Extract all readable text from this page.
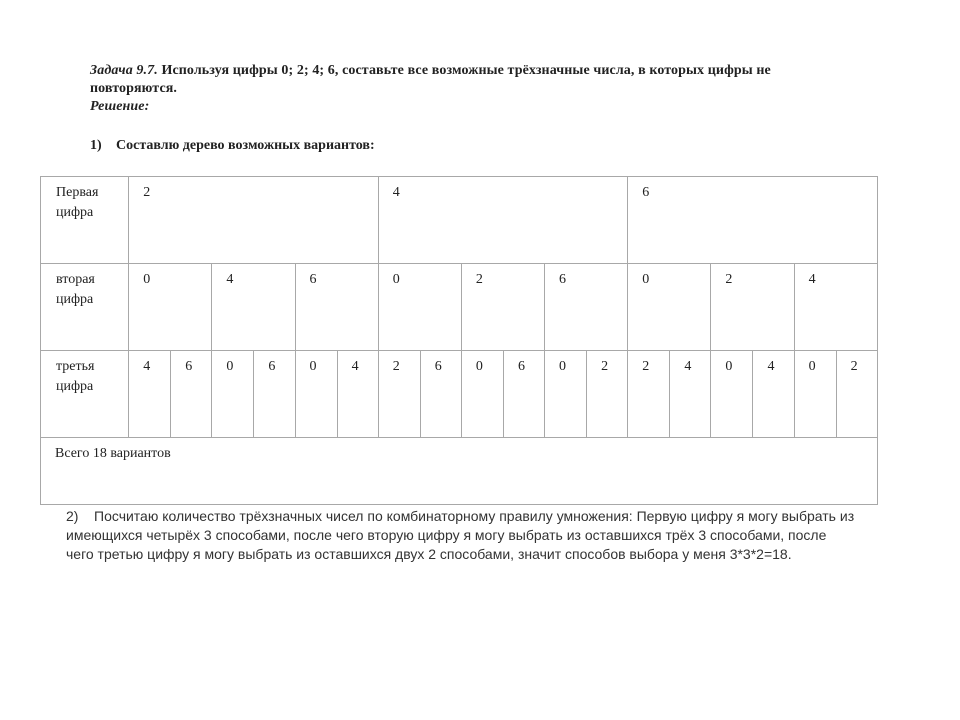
Задача 9.7. Используя цифры 0; 2; 4; 6, составьте все возможные трёхзначные числа, в которых цифры не повторяются.

Решение:

1) Составлю дерево возможных вариантов:
Первая цифра	2						4						6					
вторая цифра	0		4		6		0		2		6		0		2		4	
третья цифра	4	6	0	6	0	4	2	6	0	6	0	2	2	4	0	4	0	2
Всего 18 вариантов																		
2) Посчитаю количество трёхзначных чисел по комбинаторному правилу умножения: Первую цифру я могу выбрать из имеющихся четырёх 3 способами, после чего вторую цифру я могу выбрать из оставшихся трёх 3 способами, после чего третью цифру я могу выбрать из оставшихся двух 2 способами, значит способов выбора у меня 3*3*2=18.
